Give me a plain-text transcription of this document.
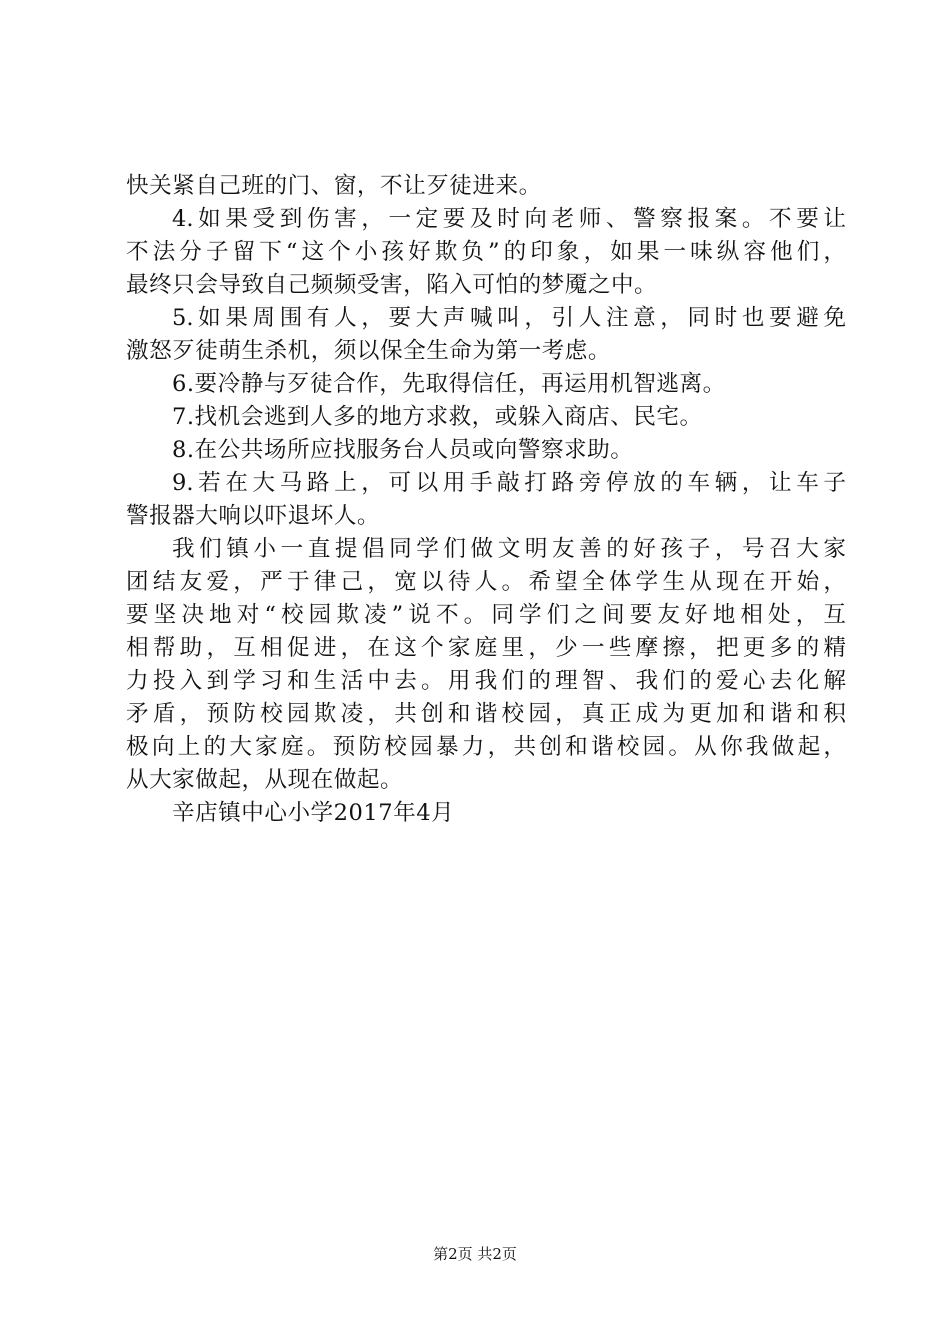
快关紧自己班的门、窗，不让歹徒进来。
4.如果受到伤害，一定要及时向老师、警察报案。不要让
不法分子留下“这个小孩好欺负”的印象，如果一味纵容他们，
最终只会导致自己频频受害，陷入可怕的梦魇之中。
5.如果周围有人，要大声喊叫，引人注意，同时也要避免
激怒歹徒萌生杀机，须以保全生命为第一考虑。
6.要冷静与歹徒合作，先取得信任，再运用机智逃离。
7.找机会逃到人多的地方求救，或躲入商店、民宅。
8.在公共场所应找服务台人员或向警察求助。
9.若在大马路上，可以用手敲打路旁停放的车辆，让车子
警报器大响以吓退坏人。
我们镇小一直提倡同学们做文明友善的好孩子，号召大家
团结友爱，严于律己，宽以待人。希望全体学生从现在开始，
要坚决地对“校园欺凌”说不。同学们之间要友好地相处，互
相帮助，互相促进，在这个家庭里，少一些摩擦，把更多的精
力投入到学习和生活中去。用我们的理智、我们的爱心去化解
矛盾，预防校园欺凌，共创和谐校园，真正成为更加和谐和积
极向上的大家庭。预防校园暴力，共创和谐校园。从你我做起，
从大家做起，从现在做起。
辛店镇中心小学2017年4月
第2页 共2页
